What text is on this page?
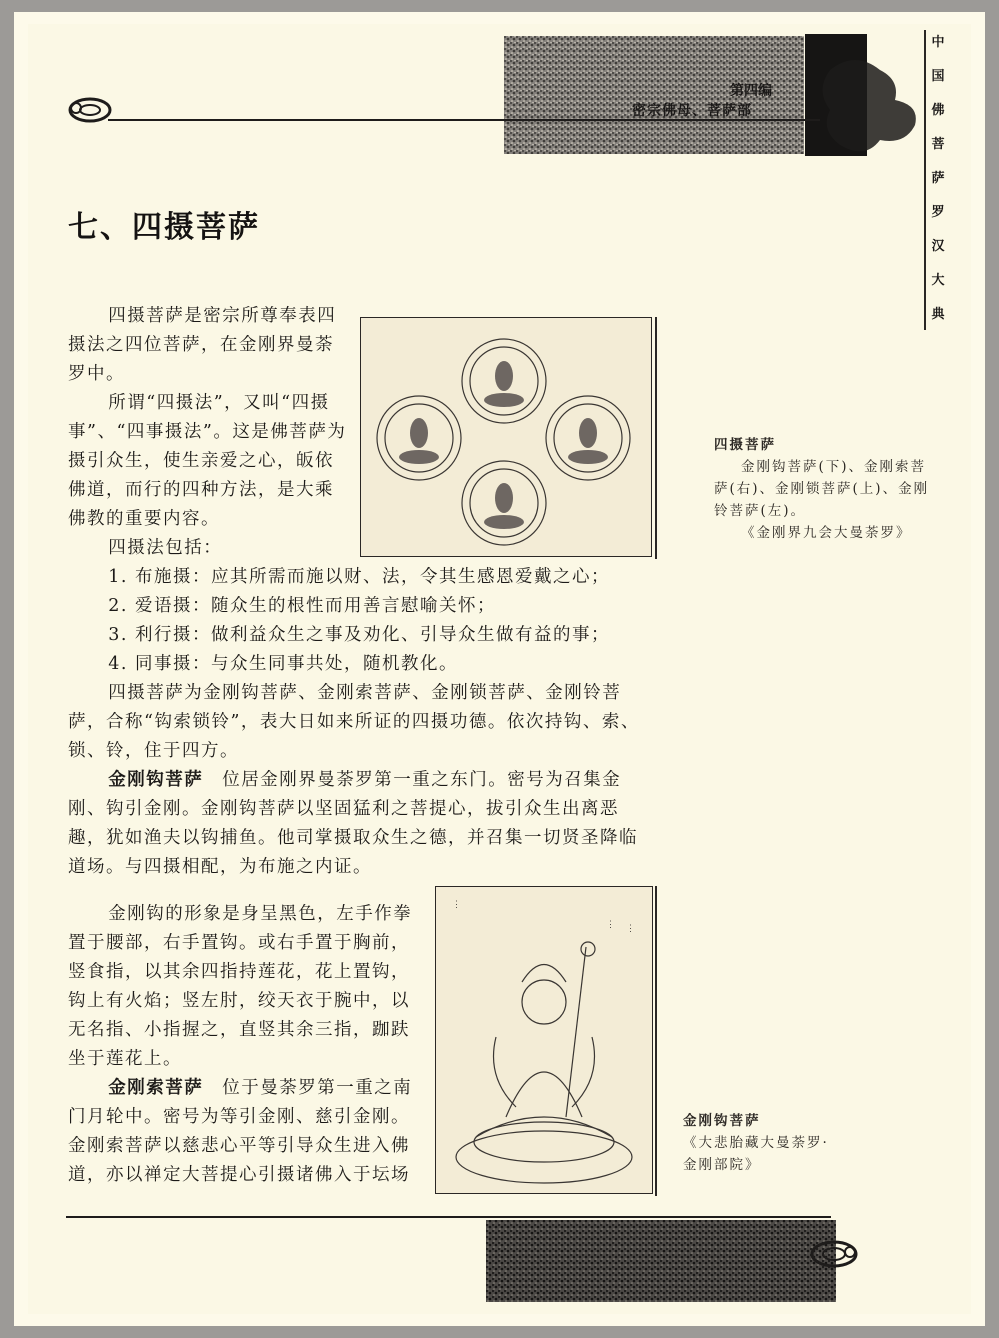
第四编
密宗佛母、菩萨部
中
国
佛
菩
萨
罗
汉
大
典
七、四摄菩萨

四摄菩萨是密宗所尊奉表四摄法之四位菩萨，在金刚界曼荼罗中。

所谓“四摄法”，又叫“四摄事”、“四事摄法”。这是佛菩萨为摄引众生，使生亲爱之心，皈依佛道，而行的四种方法，是大乘佛教的重要内容。

四摄法包括：

四摄菩萨
金刚钩菩萨(下)、金刚索菩
萨(右)、金刚锁菩萨(上)、金刚
铃菩萨(左)。
《金刚界九会大曼荼罗》

1. 布施摄：应其所需而施以财、法，令其生感恩爱戴之心；

2. 爱语摄：随众生的根性而用善言慰喻关怀；

3. 利行摄：做利益众生之事及劝化、引导众生做有益的事；

4. 同事摄：与众生同事共处，随机教化。

四摄菩萨为金刚钩菩萨、金刚索菩萨、金刚锁菩萨、金刚铃菩萨，合称“钩索锁铃”，表大日如来所证的四摄功德。依次持钩、索、锁、铃，住于四方。

金刚钩菩萨　 位居金刚界曼荼罗第一重之东门。密号为召集金刚、钩引金刚。金刚钩菩萨以坚固猛利之菩提心，拔引众生出离恶趣，犹如渔夫以钩捕鱼。他司掌摄取众生之德，并召集一切贤圣降临道场。与四摄相配，为布施之内证。

金刚钩的形象是身呈黑色，左手作拳置于腰部，右手置钩。或右手置于胸前，竖食指，以其余四指持莲花，花上置钩，钩上有火焰；竖左肘，绞天衣于腕中，以无名指、小指握之，直竖其余三指，跏趺坐于莲花上。

金刚索菩萨　 位于曼荼罗第一重之南门月轮中。密号为等引金刚、慈引金刚。金刚索菩萨以慈悲心平等引导众生进入佛道，亦以禅定大菩提心引摄诸佛入于坛场

⋮
⋮ ⋮
金刚钩菩萨
《大悲胎藏大曼荼罗·
金刚部院》
